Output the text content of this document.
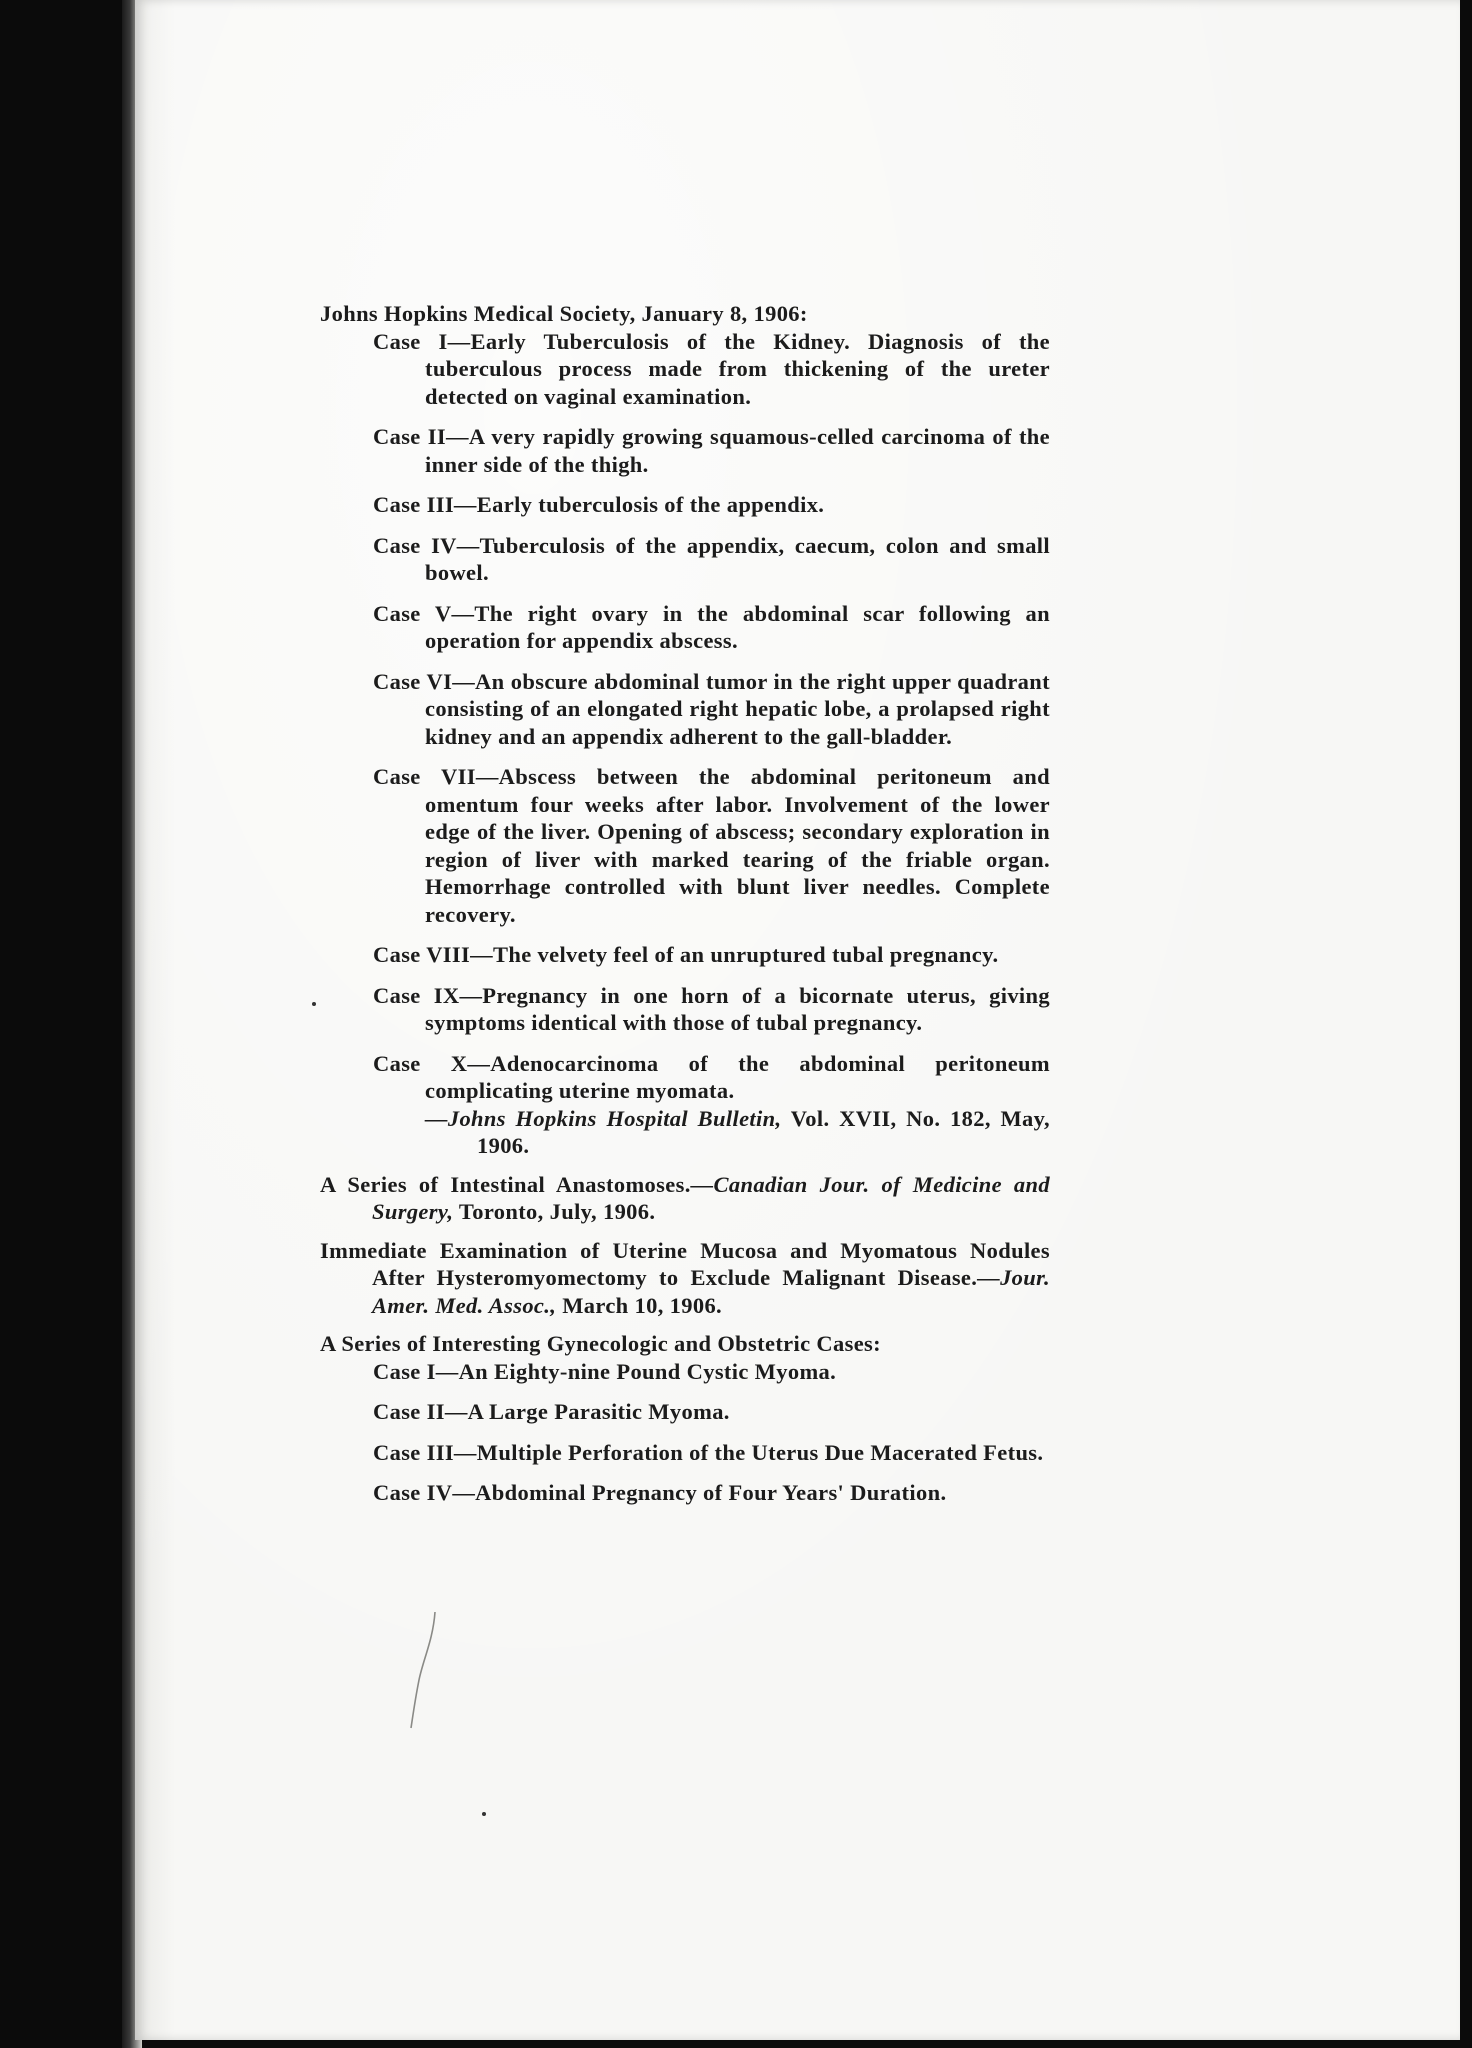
Johns Hopkins Medical Society, January 8, 1906:
Case I—Early Tuberculosis of the Kidney. Diagnosis of the tuberculous process made from thickening of the ureter detected on vaginal examination.
Case II—A very rapidly growing squamous-celled carcinoma of the inner side of the thigh.
Case III—Early tuberculosis of the appendix.
Case IV—Tuberculosis of the appendix, caecum, colon and small bowel.
Case V—The right ovary in the abdominal scar following an operation for appendix abscess.
Case VI—An obscure abdominal tumor in the right upper quadrant consisting of an elongated right hepatic lobe, a prolapsed right kidney and an appendix adherent to the gall-bladder.
Case VII—Abscess between the abdominal peritoneum and omentum four weeks after labor. Involvement of the lower edge of the liver. Opening of abscess; secondary exploration in region of liver with marked tearing of the friable organ. Hemorrhage controlled with blunt liver needles. Complete recovery.
Case VIII—The velvety feel of an unruptured tubal pregnancy.
Case IX—Pregnancy in one horn of a bicornate uterus, giving symptoms identical with those of tubal pregnancy.
Case X—Adenocarcinoma of the abdominal peritoneum complicating uterine myomata.
—Johns Hopkins Hospital Bulletin, Vol. XVII, No. 182, May, 1906.
A Series of Intestinal Anastomoses.—Canadian Jour. of Medicine and Surgery, Toronto, July, 1906.
Immediate Examination of Uterine Mucosa and Myomatous Nodules After Hysteromyomectomy to Exclude Malignant Disease.—Jour. Amer. Med. Assoc., March 10, 1906.
A Series of Interesting Gynecologic and Obstetric Cases:
Case I—An Eighty-nine Pound Cystic Myoma.
Case II—A Large Parasitic Myoma.
Case III—Multiple Perforation of the Uterus Due Macerated Fetus.
Case IV—Abdominal Pregnancy of Four Years' Duration.
